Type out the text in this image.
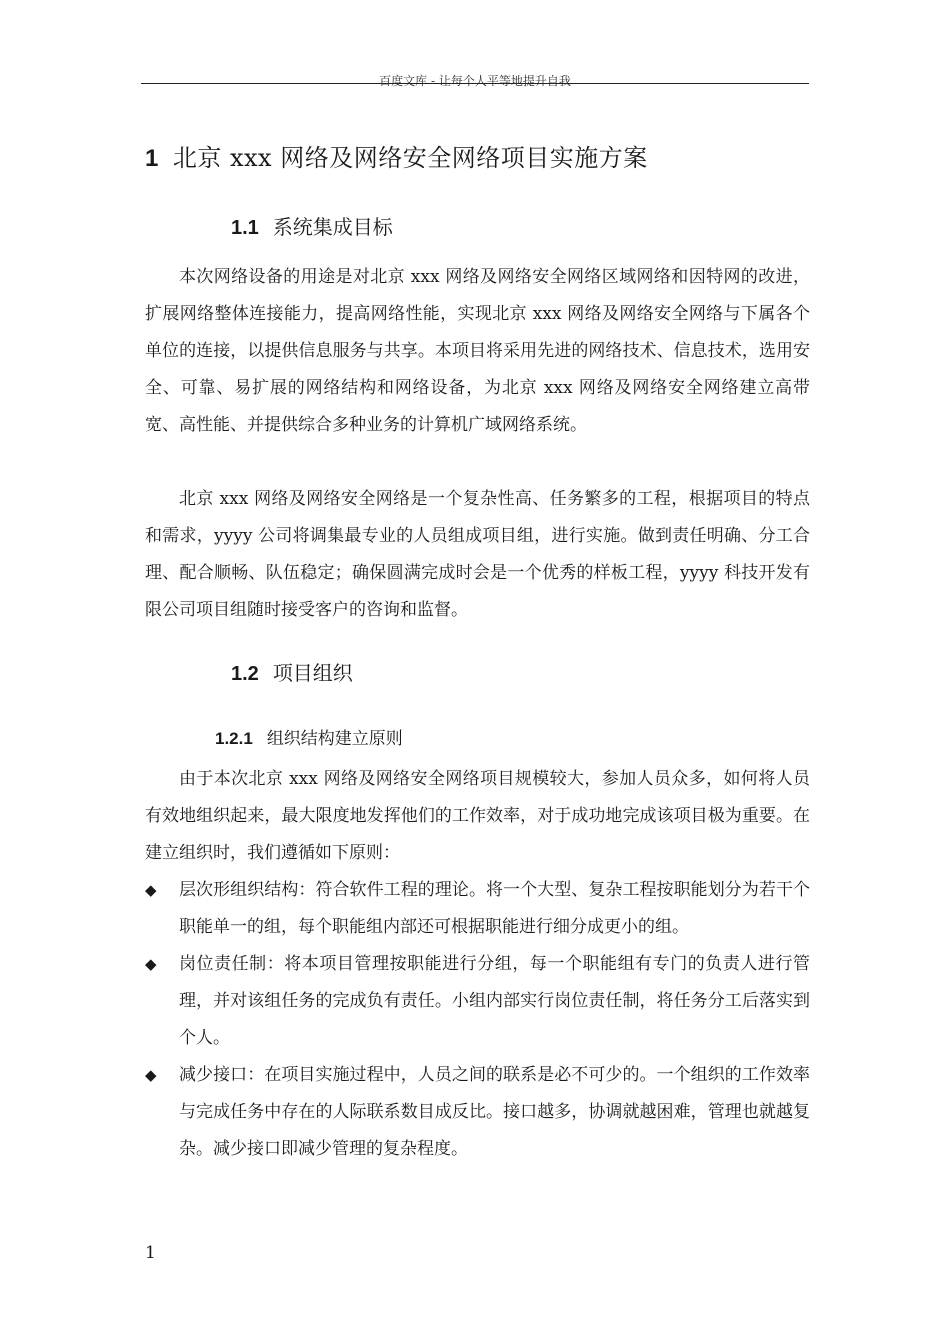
百度文库 - 让每个人平等地提升自我
1 北京 xxx 网络及网络安全网络项目实施方案
1.1 系统集成目标
本次网络设备的用途是对北京 xxx 网络及网络安全网络区域网络和因特网的改进，扩展网络整体连接能力，提高网络性能，实现北京 xxx 网络及网络安全网络与下属各个单位的连接，以提供信息服务与共享。本项目将采用先进的网络技术、信息技术，选用安全、可靠、易扩展的网络结构和网络设备，为北京 xxx 网络及网络安全网络建立高带宽、高性能、并提供综合多种业务的计算机广域网络系统。
北京 xxx 网络及网络安全网络是一个复杂性高、任务繁多的工程，根据项目的特点和需求，yyyy 公司将调集最专业的人员组成项目组，进行实施。做到责任明确、分工合理、配合顺畅、队伍稳定；确保圆满完成时会是一个优秀的样板工程，yyyy 科技开发有限公司项目组随时接受客户的咨询和监督。
1.2 项目组织
1.2.1 组织结构建立原则
由于本次北京 xxx 网络及网络安全网络项目规模较大，参加人员众多，如何将人员有效地组织起来，最大限度地发挥他们的工作效率，对于成功地完成该项目极为重要。在建立组织时，我们遵循如下原则：
◆ 层次形组织结构：符合软件工程的理论。将一个大型、复杂工程按职能划分为若干个职能单一的组，每个职能组内部还可根据职能进行细分成更小的组。
◆ 岗位责任制：将本项目管理按职能进行分组，每一个职能组有专门的负责人进行管理，并对该组任务的完成负有责任。小组内部实行岗位责任制，将任务分工后落实到个人。
◆ 减少接口：在项目实施过程中，人员之间的联系是必不可少的。一个组织的工作效率与完成任务中存在的人际联系数目成反比。接口越多，协调就越困难，管理也就越复杂。减少接口即减少管理的复杂程度。
1
